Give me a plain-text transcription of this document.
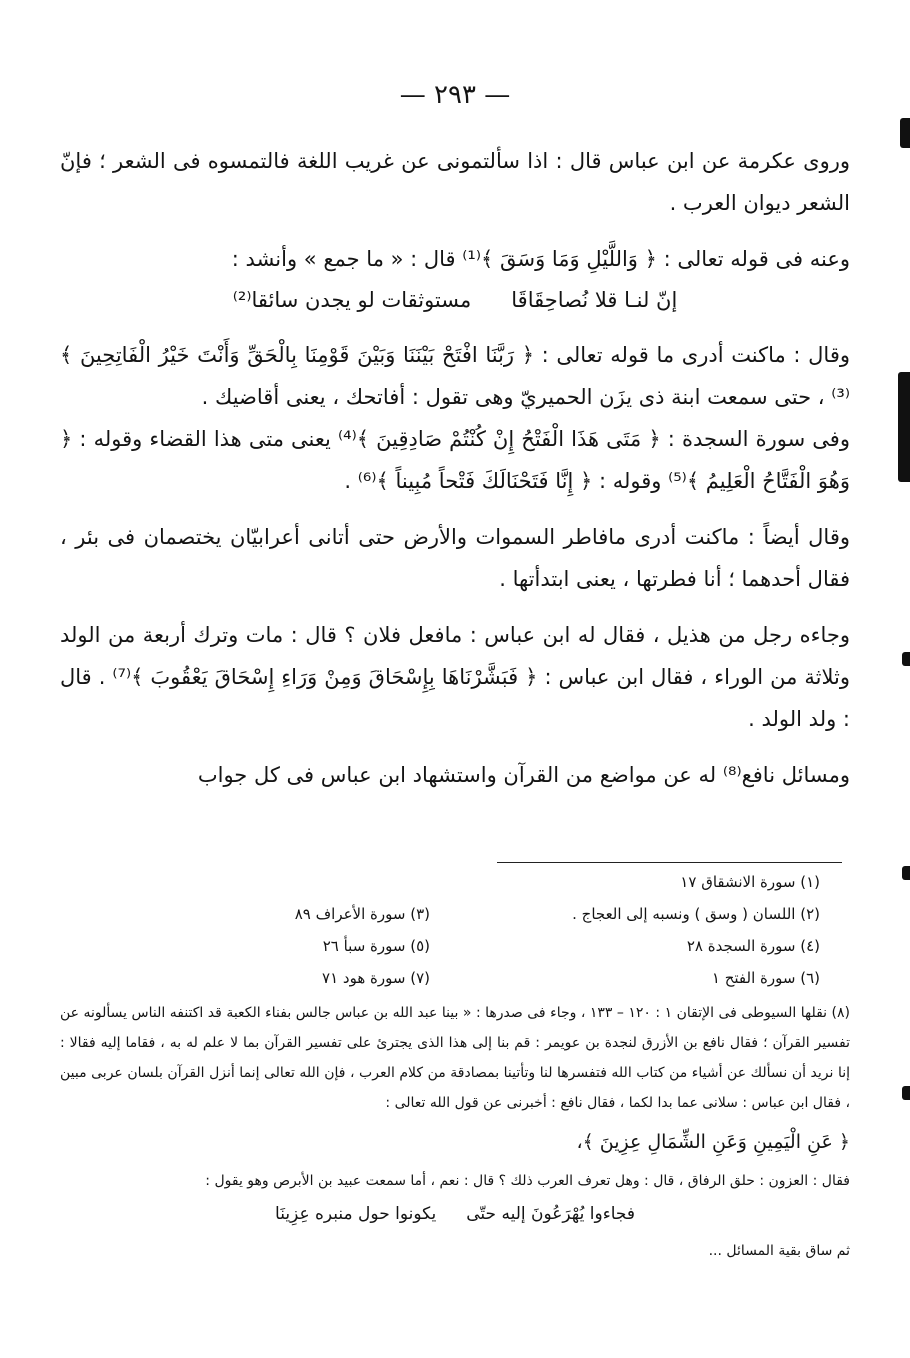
— ٢٩٣ —

وروى عكرمة عن ابن عباس قال : اذا سألتمونى عن غريب اللغة فالتمسوه فى الشعر ؛ فإنّ الشعر ديوان العرب .

وعنه فى قوله تعالى : ﴿ وَاللَّيْلِ وَمَا وَسَقَ ﴾⁽¹⁾ قال : « ما جمع » وأنشد :

إنّ لنـا قلا نُصاحِقَاقَا
مستوثقات لو يجدن سائقا⁽²⁾

وقال : ماكنت أدرى ما قوله تعالى : ﴿ رَبَّنَا افْتَحْ بَيْنَنَا وَبَيْنَ قَوْمِنَا بِالْحَقِّ وَأَنْتَ خَيْرُ الْفَاتِحِينَ ﴾⁽³⁾ ، حتى سمعت ابنة ذى يزَن الحميريّ وهى تقول : أفاتحك ، يعنى أقاضيك .

وفى سورة السجدة : ﴿ مَتَى هَذَا الْفَتْحُ إِنْ كُنْتُمْ صَادِقِينَ ﴾⁽⁴⁾ يعنى متى هذا القضاء وقوله : ﴿ وَهُوَ الْفَتَّاحُ الْعَلِيمُ ﴾⁽⁵⁾ وقوله : ﴿ إِنَّا فَتَحْنَالَكَ فَتْحاً مُبِيناً ﴾⁽⁶⁾ .

وقال أيضاً : ماكنت أدرى مافاطر السموات والأرض حتى أتانى أعرابيّان يختصمان فى بئر ، فقال أحدهما ؛ أنا فطرتها ، يعنى ابتدأتها .

وجاءه رجل من هذيل ، فقال له ابن عباس : مافعل فلان ؟ قال : مات وترك أربعة من الولد وثلاثة من الوراء ، فقال ابن عباس : ﴿ فَبَشَّرْنَاهَا بِإِسْحَاقَ وَمِنْ وَرَاءِ إِسْحَاقَ يَعْقُوبَ ﴾⁽⁷⁾ . قال : ولد الولد .

ومسائل نافع⁽⁸⁾ له عن مواضع من القرآن واستشهاد ابن عباس فى كل جواب

(١) سورة الانشقاق ١٧
(٢) اللسان ( وسق ) ونسبه إلى العجاج .
(٣) سورة الأعراف ٨٩
(٤) سورة السجدة ٢٨
(٥) سورة سبأ ٢٦
(٦) سورة الفتح ١
(٧) سورة هود ٧١

(٨) نقلها السيوطى فى الإتقان ١ : ١٢٠ – ١٣٣ ، وجاء فى صدرها : « بينا عبد الله بن عباس جالس بفناء الكعبة قد اكتنفه الناس يسألونه عن تفسير القرآن ؛ فقال نافع بن الأزرق لنجدة بن عويمر : قم بنا إلى هذا الذى يجترئ على تفسير القرآن بما لا علم له به ، فقاما إليه فقالا : إنا نريد أن نسألك عن أشياء من كتاب الله فتفسرها لنا وتأتينا بمصادقة من كلام العرب ، فإن الله تعالى إنما أنزل القرآن بلسان عربى مبين ، فقال ابن عباس : سلانى عما بدا لكما ، فقال نافع : أخبرنى عن قول الله تعالى :

﴿ عَنِ الْيَمِينِ وَعَنِ الشِّمَالِ عِزِينَ ﴾،

فقال : العزون : حلق الرفاق ، قال : وهل تعرف العرب ذلك ؟ قال : نعم ، أما سمعت عبيد بن الأبرص وهو يقول :

فجاءوا يُهْرَعُونَ إليه حتّى
يكونوا حول منبره عِزِينَا

ثم ساق بقية المسائل ...
